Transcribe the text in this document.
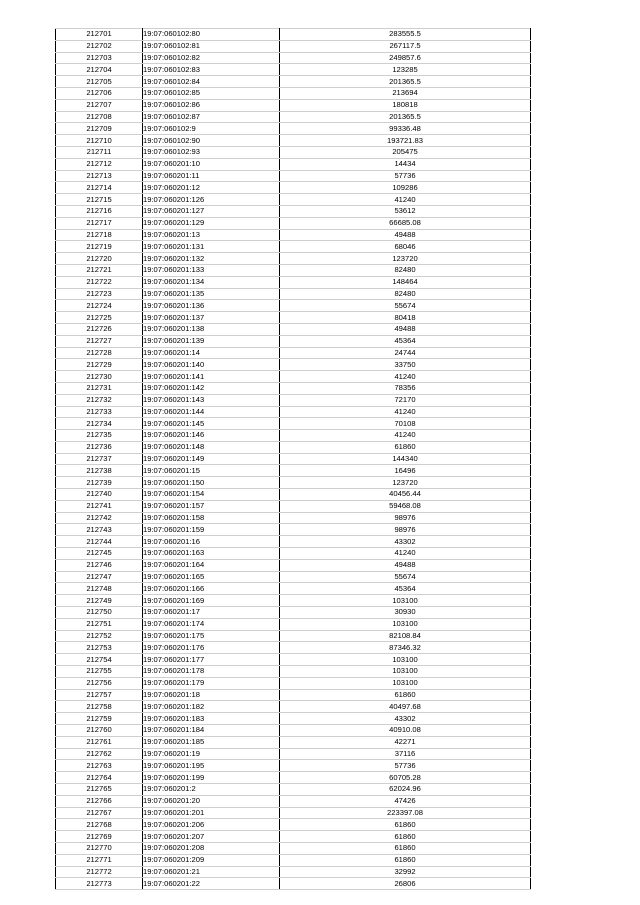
212701	19:07:060102:80	283555.5
212702	19:07:060102:81	267117.5
212703	19:07:060102:82	249857.6
212704	19:07:060102:83	123285
212705	19:07:060102:84	201365.5
212706	19:07:060102:85	213694
212707	19:07:060102:86	180818
212708	19:07:060102:87	201365.5
212709	19:07:060102:9	99336.48
212710	19:07:060102:90	193721.83
212711	19:07:060102:93	205475
212712	19:07:060201:10	14434
212713	19:07:060201:11	57736
212714	19:07:060201:12	109286
212715	19:07:060201:126	41240
212716	19:07:060201:127	53612
212717	19:07:060201:129	66685.08
212718	19:07:060201:13	49488
212719	19:07:060201:131	68046
212720	19:07:060201:132	123720
212721	19:07:060201:133	82480
212722	19:07:060201:134	148464
212723	19:07:060201:135	82480
212724	19:07:060201:136	55674
212725	19:07:060201:137	80418
212726	19:07:060201:138	49488
212727	19:07:060201:139	45364
212728	19:07:060201:14	24744
212729	19:07:060201:140	33750
212730	19:07:060201:141	41240
212731	19:07:060201:142	78356
212732	19:07:060201:143	72170
212733	19:07:060201:144	41240
212734	19:07:060201:145	70108
212735	19:07:060201:146	41240
212736	19:07:060201:148	61860
212737	19:07:060201:149	144340
212738	19:07:060201:15	16496
212739	19:07:060201:150	123720
212740	19:07:060201:154	40456.44
212741	19:07:060201:157	59468.08
212742	19:07:060201:158	98976
212743	19:07:060201:159	98976
212744	19:07:060201:16	43302
212745	19:07:060201:163	41240
212746	19:07:060201:164	49488
212747	19:07:060201:165	55674
212748	19:07:060201:166	45364
212749	19:07:060201:169	103100
212750	19:07:060201:17	30930
212751	19:07:060201:174	103100
212752	19:07:060201:175	82108.84
212753	19:07:060201:176	87346.32
212754	19:07:060201:177	103100
212755	19:07:060201:178	103100
212756	19:07:060201:179	103100
212757	19:07:060201:18	61860
212758	19:07:060201:182	40497.68
212759	19:07:060201:183	43302
212760	19:07:060201:184	40910.08
212761	19:07:060201:185	42271
212762	19:07:060201:19	37116
212763	19:07:060201:195	57736
212764	19:07:060201:199	60705.28
212765	19:07:060201:2	62024.96
212766	19:07:060201:20	47426
212767	19:07:060201:201	223397.08
212768	19:07:060201:206	61860
212769	19:07:060201:207	61860
212770	19:07:060201:208	61860
212771	19:07:060201:209	61860
212772	19:07:060201:21	32992
212773	19:07:060201:22	26806
